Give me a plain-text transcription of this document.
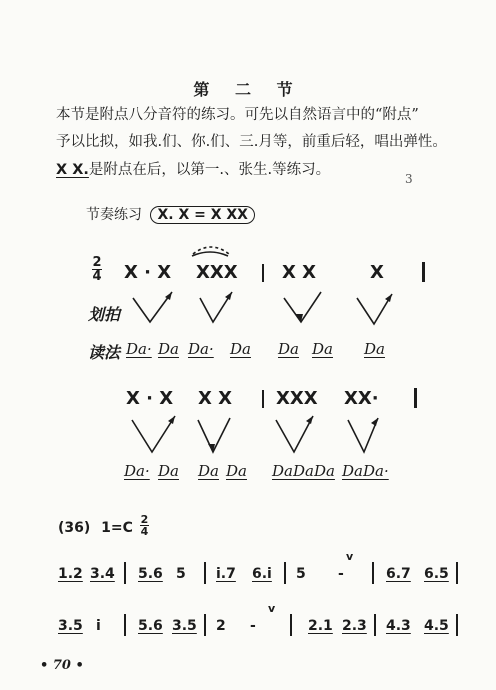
第 二 节
本节是附点八分音符的练习。可先以自然语言中的“附点”
予以比拟，如我.们、你.们、三.月等，前重后轻，唱出弹性。
X X.是附点在后，以第一.、张生.等练习。
3
节奏练习 X. X = X XX
2
4 X · X XXX X X	X
划拍
读法 Da· Da Da· Da Da Da Da
X · X X X XXX XX·
Da· Da Da Da DaDaDa DaDa·
(36) 1=C
2
4
1.2 3.4 5.6 5 i.7 6.i 5 -
v
6.7 6.5
3.5 i	5.6 3.5 2 -
v
2.1 2.3 4.3 4.5
• 70 •
